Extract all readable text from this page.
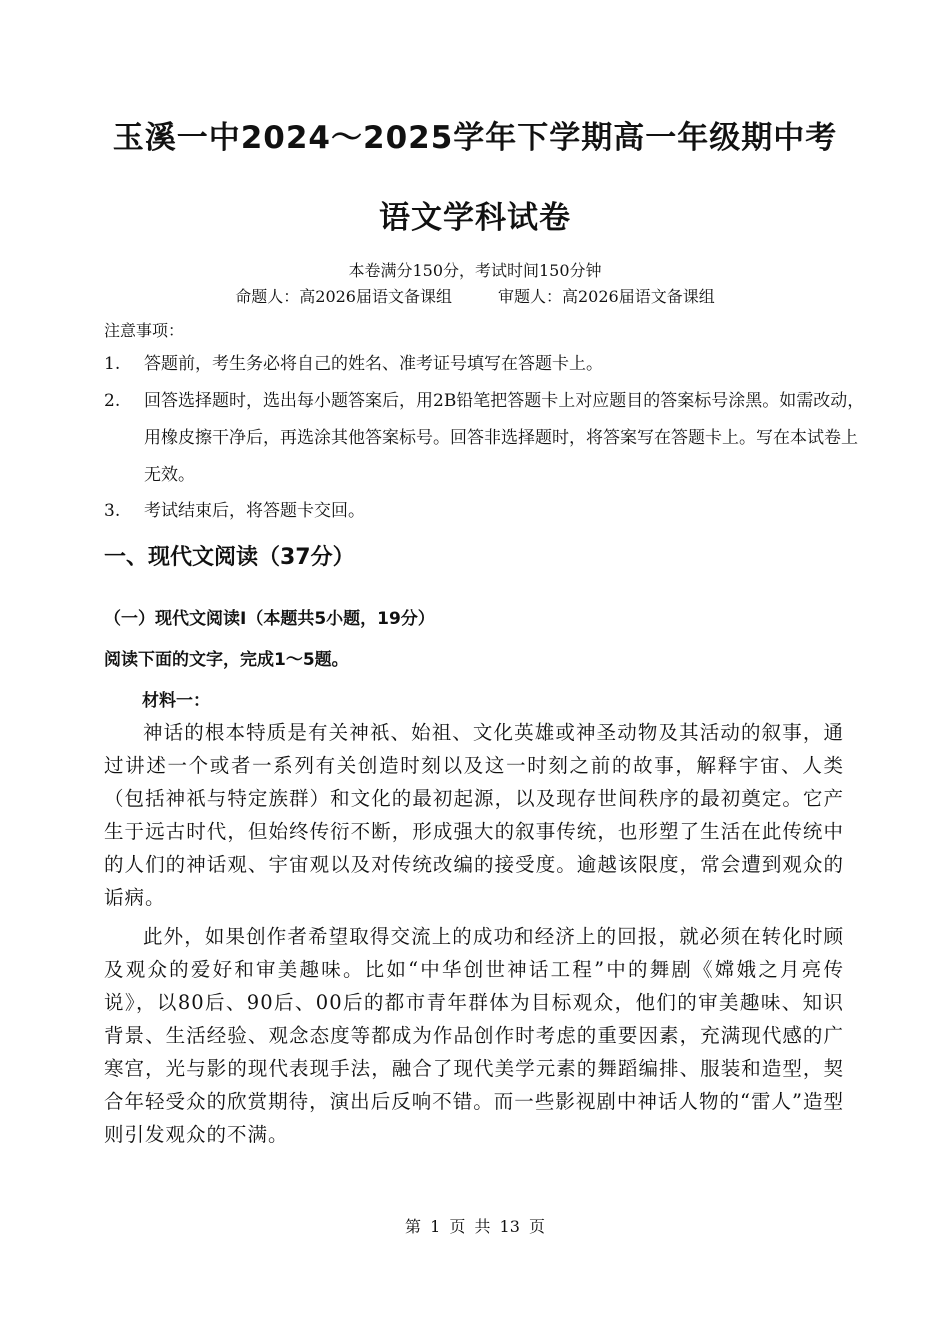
玉溪一中2024～2025学年下学期高一年级期中考
语文学科试卷
本卷满分150分，考试时间150分钟
命题人：高2026届语文备课组	审题人：高2026届语文备课组
注意事项：
1. 答题前，考生务必将自己的姓名、准考证号填写在答题卡上。
2. 回答选择题时，选出每小题答案后，用2B铅笔把答题卡上对应题目的答案标号涂黑。如需改动，用橡皮擦干净后，再选涂其他答案标号。回答非选择题时，将答案写在答题卡上。写在本试卷上无效。
3. 考试结束后，将答题卡交回。
一、现代文阅读（37分）
（一）现代文阅读Ⅰ（本题共5小题，19分）
阅读下面的文字，完成1～5题。
材料一：
神话的根本特质是有关神祇、始祖、文化英雄或神圣动物及其活动的叙事，通过讲述一个或者一系列有关创造时刻以及这一时刻之前的故事，解释宇宙、人类（包括神祇与特定族群）和文化的最初起源，以及现存世间秩序的最初奠定。它产生于远古时代，但始终传衍不断，形成强大的叙事传统，也形塑了生活在此传统中的人们的神话观、宇宙观以及对传统改编的接受度。逾越该限度，常会遭到观众的诟病。
此外，如果创作者希望取得交流上的成功和经济上的回报，就必须在转化时顾及观众的爱好和审美趣味。比如“中华创世神话工程”中的舞剧《嫦娥之月亮传说》，以80后、90后、00后的都市青年群体为目标观众，他们的审美趣味、知识背景、生活经验、观念态度等都成为作品创作时考虑的重要因素，充满现代感的广寒宫，光与影的现代表现手法，融合了现代美学元素的舞蹈编排、服装和造型，契合年轻受众的欣赏期待，演出后反响不错。而一些影视剧中神话人物的“雷人”造型则引发观众的不满。
第 1 页 共 13 页
